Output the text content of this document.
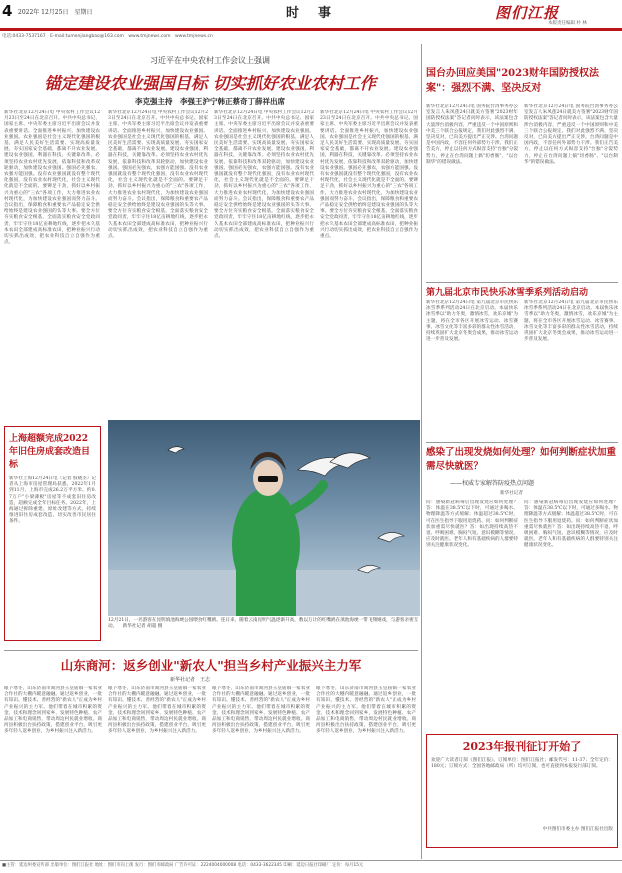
4 2022年 12月25日　星期日	时　事	图们江报
本版责任编辑 朴 林
电话:0433-7537167　E-mail:tumenjiangbao@163.com　www.tmjnews.com　www.tmjnews.cn
习近平在中央农村工作会议上强调
锚定建设农业强国目标 切实抓好农业农村工作
李克强主持　李强王沪宁韩正蔡奇丁薛祥出席
新华社北京12月24日电 中央农村工作会议12月23日至24日在北京召开。中共中央总书记、国家主席、中央军委主席习近平出席会议并发表重要讲话。全面推进乡村振兴，加快建设农业强国。农业强国是社会主义现代化强国的根基，满足人民美好生活需要、实现高质量发展、夯实国家安全基础，都离不开农业发展。建设农业强国，利器在科技，关键靠改革。必须坚持农业农村优先发展，依靠科技和改革双轮驱动，加快建设农业强国。强国必先强农，农强方能国强。没有农业强国就没有整个现代化强国，没有农业农村现代化，社会主义现代化就是不全面的。要铆足干劲，抓好以乡村振兴为重心的"三农"各项工作，大力推进农业农村现代化，为加快建设农业强国而努力奋斗。会议指出，保障粮食和重要农产品稳定安全供给始终是建设农业强国的头等大事。要全方位夯实粮食安全根基，全面落实粮食安全党政同责，牢牢守住18亿亩耕地红线，逐步把永久基本农田全部建成高标准农田，把种业振兴行动切实抓出成效，把农业科技自立自强作为重点。
新华社北京12月24日电 中央农村工作会议12月23日至24日在北京召开。中共中央总书记、国家主席、中央军委主席习近平出席会议并发表重要讲话。全面推进乡村振兴，加快建设农业强国。农业强国是社会主义现代化强国的根基，满足人民美好生活需要、实现高质量发展、夯实国家安全基础，都离不开农业发展。建设农业强国，利器在科技，关键靠改革。必须坚持农业农村优先发展，依靠科技和改革双轮驱动，加快建设农业强国。强国必先强农，农强方能国强。没有农业强国就没有整个现代化强国，没有农业农村现代化，社会主义现代化就是不全面的。要铆足干劲，抓好以乡村振兴为重心的"三农"各项工作，大力推进农业农村现代化，为加快建设农业强国而努力奋斗。会议指出，保障粮食和重要农产品稳定安全供给始终是建设农业强国的头等大事。要全方位夯实粮食安全根基，全面落实粮食安全党政同责，牢牢守住18亿亩耕地红线，逐步把永久基本农田全部建成高标准农田，把种业振兴行动切实抓出成效，把农业科技自立自强作为重点。
新华社北京12月24日电 中央农村工作会议12月23日至24日在北京召开。中共中央总书记、国家主席、中央军委主席习近平出席会议并发表重要讲话。全面推进乡村振兴，加快建设农业强国。农业强国是社会主义现代化强国的根基，满足人民美好生活需要、实现高质量发展、夯实国家安全基础，都离不开农业发展。建设农业强国，利器在科技，关键靠改革。必须坚持农业农村优先发展，依靠科技和改革双轮驱动，加快建设农业强国。强国必先强农，农强方能国强。没有农业强国就没有整个现代化强国，没有农业农村现代化，社会主义现代化就是不全面的。要铆足干劲，抓好以乡村振兴为重心的"三农"各项工作，大力推进农业农村现代化，为加快建设农业强国而努力奋斗。会议指出，保障粮食和重要农产品稳定安全供给始终是建设农业强国的头等大事。要全方位夯实粮食安全根基，全面落实粮食安全党政同责，牢牢守住18亿亩耕地红线，逐步把永久基本农田全部建成高标准农田，把种业振兴行动切实抓出成效，把农业科技自立自强作为重点。
新华社北京12月24日电 中央农村工作会议12月23日至24日在北京召开。中共中央总书记、国家主席、中央军委主席习近平出席会议并发表重要讲话。全面推进乡村振兴，加快建设农业强国。农业强国是社会主义现代化强国的根基，满足人民美好生活需要、实现高质量发展、夯实国家安全基础，都离不开农业发展。建设农业强国，利器在科技，关键靠改革。必须坚持农业农村优先发展，依靠科技和改革双轮驱动，加快建设农业强国。强国必先强农，农强方能国强。没有农业强国就没有整个现代化强国，没有农业农村现代化，社会主义现代化就是不全面的。要铆足干劲，抓好以乡村振兴为重心的"三农"各项工作，大力推进农业农村现代化，为加快建设农业强国而努力奋斗。会议指出，保障粮食和重要农产品稳定安全供给始终是建设农业强国的头等大事。要全方位夯实粮食安全根基，全面落实粮食安全党政同责，牢牢守住18亿亩耕地红线，逐步把永久基本农田全部建成高标准农田，把种业振兴行动切实抓出成效，把农业科技自立自强作为重点。
上海超额完成2022年旧住房成套改造目标
新华社上海12月24日电（记者 殷晓圣）记者从上海市房屋管理局获悉，2022年1月到11月，上海市完成26.2万平方米、约0.7万户"小梁薄板"房屋等不成套旧住房改造，超额完成全年目标任务。2022年，上海通过拆除重建、原址改建等方式，持续推进旧住房成套改造，切实改善市民居住条件。
12月21日，一名游客在昆明滇池海埂公园喂食红嘴鸥。连日来，随着云南昆明气温逐渐升高，数以万计的红嘴鸥在滇池海埂一带飞翔嬉戏，与游客亲密互动。 新华社记者 胡超 摄
山东商河：返乡创业"新农人"担当乡村产业振兴主力军
新华社记者　王志
眼下寒冬，山东济南市商河县玉皇庙镇一家农业合作社的大棚内暖意融融。通过返乡创业，一批有知识、懂技术、善经营的"新农人"正成为乡村产业振兴的主力军。他们带着在城市积累的资金、技术和理念回到家乡，发展特色种植、农产品加工和电商销售，带动周边村民就业增收。商河县积极出台扶持政策，搭建创业平台，吸引更多年轻人返乡创业，为乡村振兴注入新活力。
眼下寒冬，山东济南市商河县玉皇庙镇一家农业合作社的大棚内暖意融融。通过返乡创业，一批有知识、懂技术、善经营的"新农人"正成为乡村产业振兴的主力军。他们带着在城市积累的资金、技术和理念回到家乡，发展特色种植、农产品加工和电商销售，带动周边村民就业增收。商河县积极出台扶持政策，搭建创业平台，吸引更多年轻人返乡创业，为乡村振兴注入新活力。
眼下寒冬，山东济南市商河县玉皇庙镇一家农业合作社的大棚内暖意融融。通过返乡创业，一批有知识、懂技术、善经营的"新农人"正成为乡村产业振兴的主力军。他们带着在城市积累的资金、技术和理念回到家乡，发展特色种植、农产品加工和电商销售，带动周边村民就业增收。商河县积极出台扶持政策，搭建创业平台，吸引更多年轻人返乡创业，为乡村振兴注入新活力。
眼下寒冬，山东济南市商河县玉皇庙镇一家农业合作社的大棚内暖意融融。通过返乡创业，一批有知识、懂技术、善经营的"新农人"正成为乡村产业振兴的主力军。他们带着在城市积累的资金、技术和理念回到家乡，发展特色种植、农产品加工和电商销售，带动周边村民就业增收。商河县积极出台扶持政策，搭建创业平台，吸引更多年轻人返乡创业，为乡村振兴注入新活力。
国台办回应美国"2023财年国防授权法案"：强烈不满、坚决反对
新华社北京12月24日电 国务院台湾事务办公室发言人朱凤莲24日就美方签署"2023财年国防授权法案"答记者问时表示，该法案包含大量涉台消极内容，严重违反一个中国原则和中美三个联合公报规定，我们对此强烈不满、坚决反对，已向美方提出严正交涉。台湾问题是中国内政，不容任何外部势力干涉。我们正告美方，停止以任何方式纵容支持"台独"分裂势力，停止在台湾问题上搞"切香肠"、"以台制华"的错误做法。
新华社北京12月24日电 国务院台湾事务办公室发言人朱凤莲24日就美方签署"2023财年国防授权法案"答记者问时表示，该法案包含大量涉台消极内容，严重违反一个中国原则和中美三个联合公报规定，我们对此强烈不满、坚决反对，已向美方提出严正交涉。台湾问题是中国内政，不容任何外部势力干涉。我们正告美方，停止以任何方式纵容支持"台独"分裂势力，停止在台湾问题上搞"切香肠"、"以台制华"的错误做法。
第九届北京市民快乐冰雪季系列活动启动
新华社北京12月24日电 第九届北京市民快乐冰雪季系列活动24日在北京启动。本届快乐冰雪季以"助力冬奥，激情冰雪，欢乐京城"为主题，将在全市各区开展冰雪运动、冰雪赛事、冰雪文化等丰富多彩的群众性冰雪活动，持续巩固扩大北京冬奥会成果，推动冰雪运动进一步普及发展。
新华社北京12月24日电 第九届北京市民快乐冰雪季系列活动24日在北京启动。本届快乐冰雪季以"助力冬奥，激情冰雪，欢乐京城"为主题，将在全市各区开展冰雪运动、冰雪赛事、冰雪文化等丰富多彩的群众性冰雪活动，持续巩固扩大北京冬奥会成果，推动冰雪运动进一步普及发展。
感染了出现发烧如何处理？如何判断症状加重需尽快就医？
——权威专家解答防疫热点问题
新华社记者
问：感染新冠病毒后出现发烧应如何处理？答：体温在38.5℃以下时，可通过多喝水、物理降温等方式缓解；体温超过38.5℃时，可在医生指导下服用退烧药。问：如何判断症状加重需尽快就医？答：如出现持续高热不退、呼吸困难、胸闷气短、意识模糊等情况，应及时就医。老年人和有基础疾病的人群要特别关注健康状况变化。
问：感染新冠病毒后出现发烧应如何处理？答：体温在38.5℃以下时，可通过多喝水、物理降温等方式缓解；体温超过38.5℃时，可在医生指导下服用退烧药。问：如何判断症状加重需尽快就医？答：如出现持续高热不退、呼吸困难、胸闷气短、意识模糊等情况，应及时就医。老年人和有基础疾病的人群要特别关注健康状况变化。
2023年报刊征订开始了
欢迎广大读者订阅《图们江报》。订阅单位：图们江报社；邮发代号：11-37；全年定价：180元；订阅方式：全国各地邮政局（所）均可订阅，也可直接到本报发行部订阅。
中共图们市委主办 图们江报社出版
■主管：延边州委宣传部 出版单位：图们江报社 地址：图们市向上街 发行：图们市邮政局 广告许可证：2224004000008 电话：0433-3622345 印刷：延边日报社印刷厂 定价：每月15元
